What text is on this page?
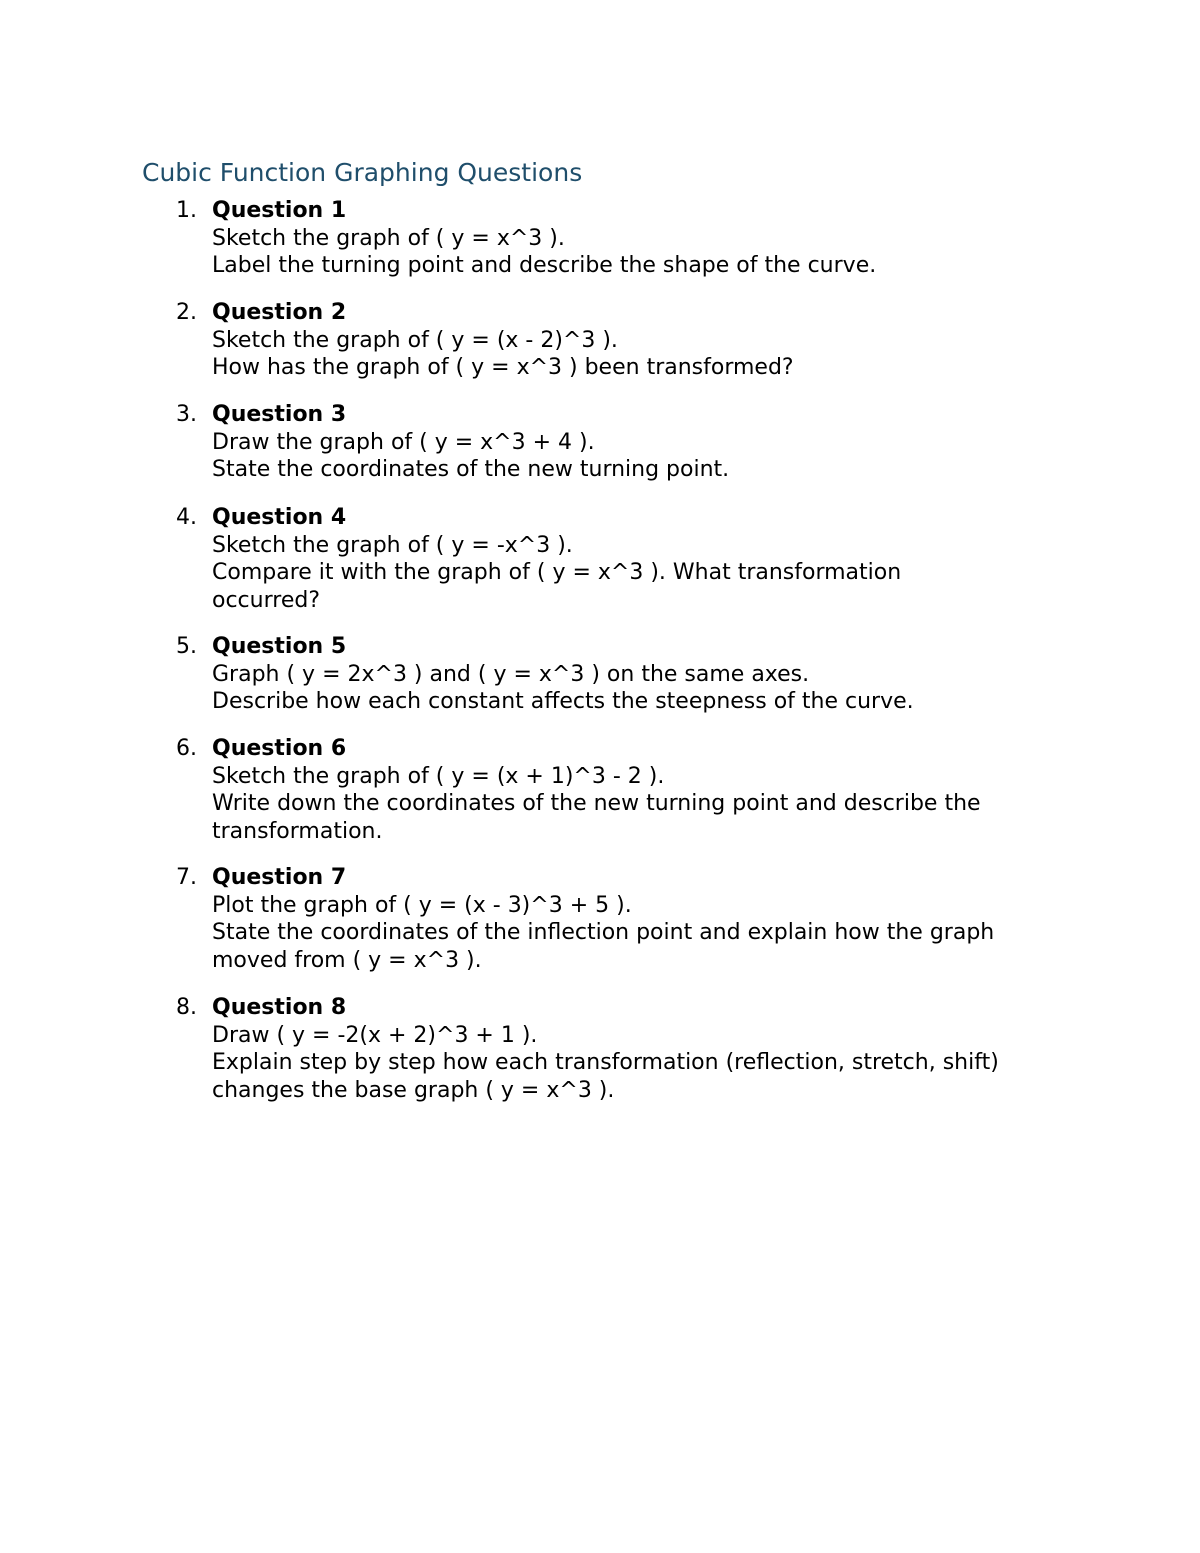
Cubic Function Graphing Questions
1. Question 1
Sketch the graph of ( y = x^3 ).
Label the turning point and describe the shape of the curve.
2. Question 2
Sketch the graph of ( y = (x - 2)^3 ).
How has the graph of ( y = x^3 ) been transformed?
3. Question 3
Draw the graph of ( y = x^3 + 4 ).
State the coordinates of the new turning point.
4. Question 4
Sketch the graph of ( y = -x^3 ).
Compare it with the graph of ( y = x^3 ). What transformation
occurred?
5. Question 5
Graph ( y = 2x^3 ) and ( y = x^3 ) on the same axes.
Describe how each constant affects the steepness of the curve.
6. Question 6
Sketch the graph of ( y = (x + 1)^3 - 2 ).
Write down the coordinates of the new turning point and describe the
transformation.
7. Question 7
Plot the graph of ( y = (x - 3)^3 + 5 ).
State the coordinates of the inflection point and explain how the graph
moved from ( y = x^3 ).
8. Question 8
Draw ( y = -2(x + 2)^3 + 1 ).
Explain step by step how each transformation (reflection, stretch, shift)
changes the base graph ( y = x^3 ).
